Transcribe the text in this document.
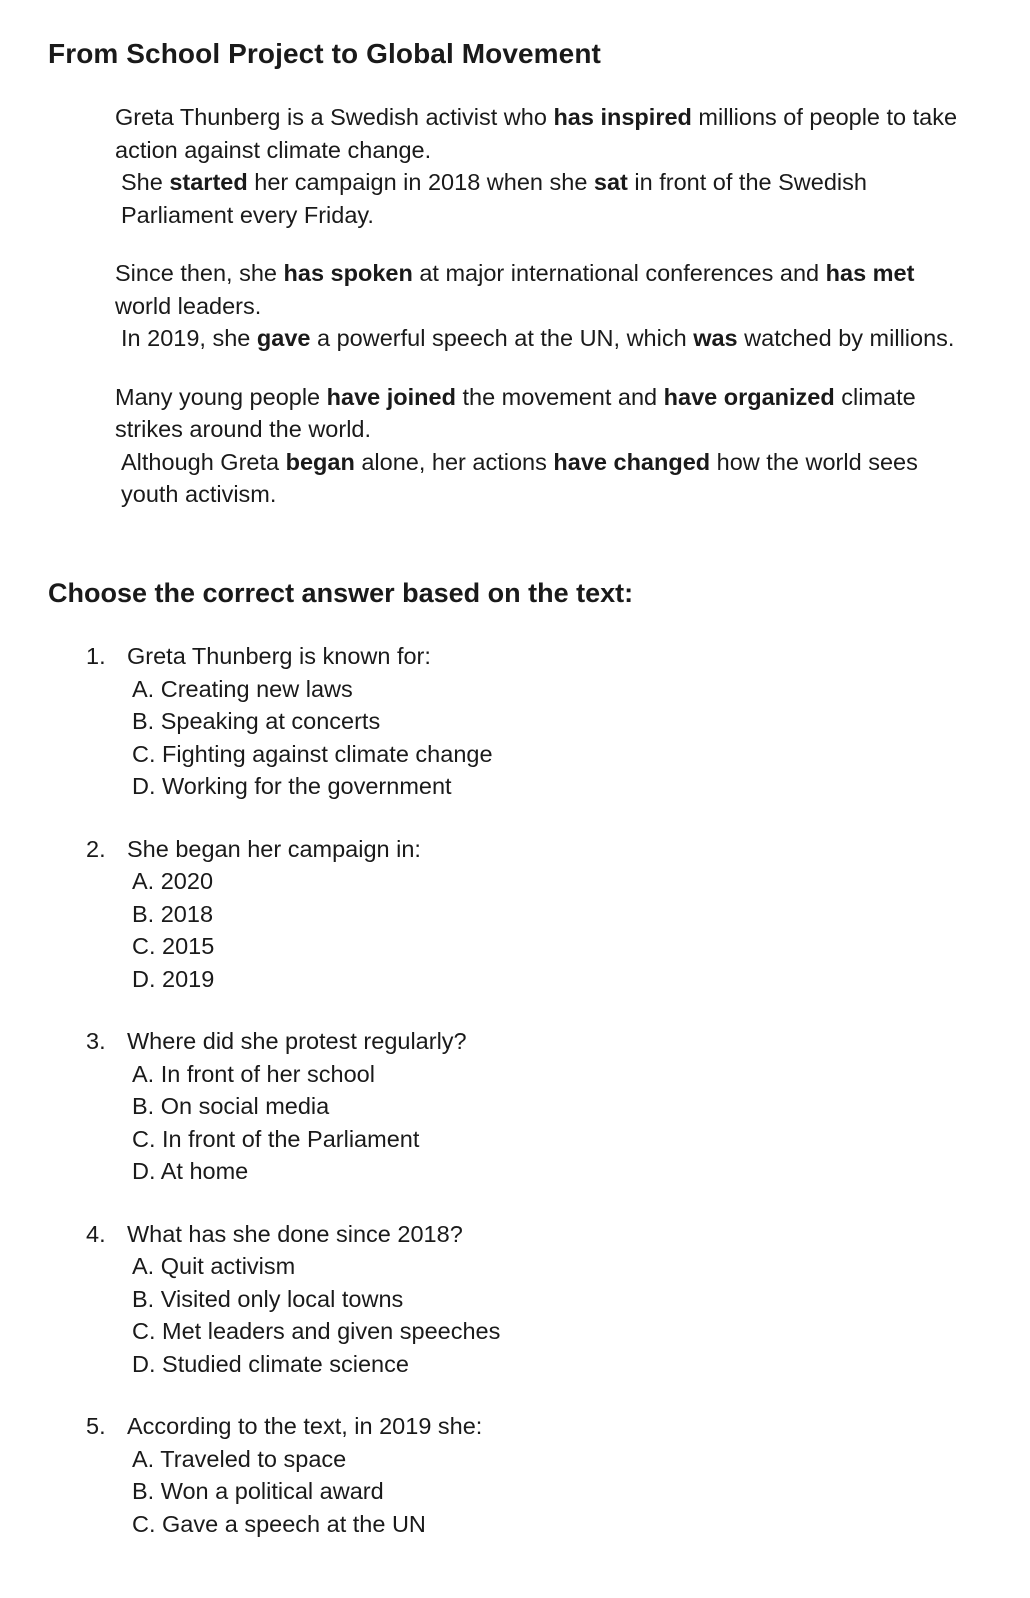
From School Project to Global Movement

Greta Thunberg is a Swedish activist who has inspired millions of people to take action against climate change.

She started her campaign in 2018 when she sat in front of the Swedish Parliament every Friday.

Since then, she has spoken at major international conferences and has met world leaders.

In 2019, she gave a powerful speech at the UN, which was watched by millions.

Many young people have joined the movement and have organized climate strikes around the world.

Although Greta began alone, her actions have changed how the world sees youth activism.

Choose the correct answer based on the text:
1. Greta Thunberg is known for:
A. Creating new laws
B. Speaking at concerts
C. Fighting against climate change
D. Working for the government
2. She began her campaign in:
A. 2020
B. 2018
C. 2015
D. 2019
3. Where did she protest regularly?
A. In front of her school
B. On social media
C. In front of the Parliament
D. At home
4. What has she done since 2018?
A. Quit activism
B. Visited only local towns
C. Met leaders and given speeches
D. Studied climate science
5. According to the text, in 2019 she:
A. Traveled to space
B. Won a political award
C. Gave a speech at the UN
